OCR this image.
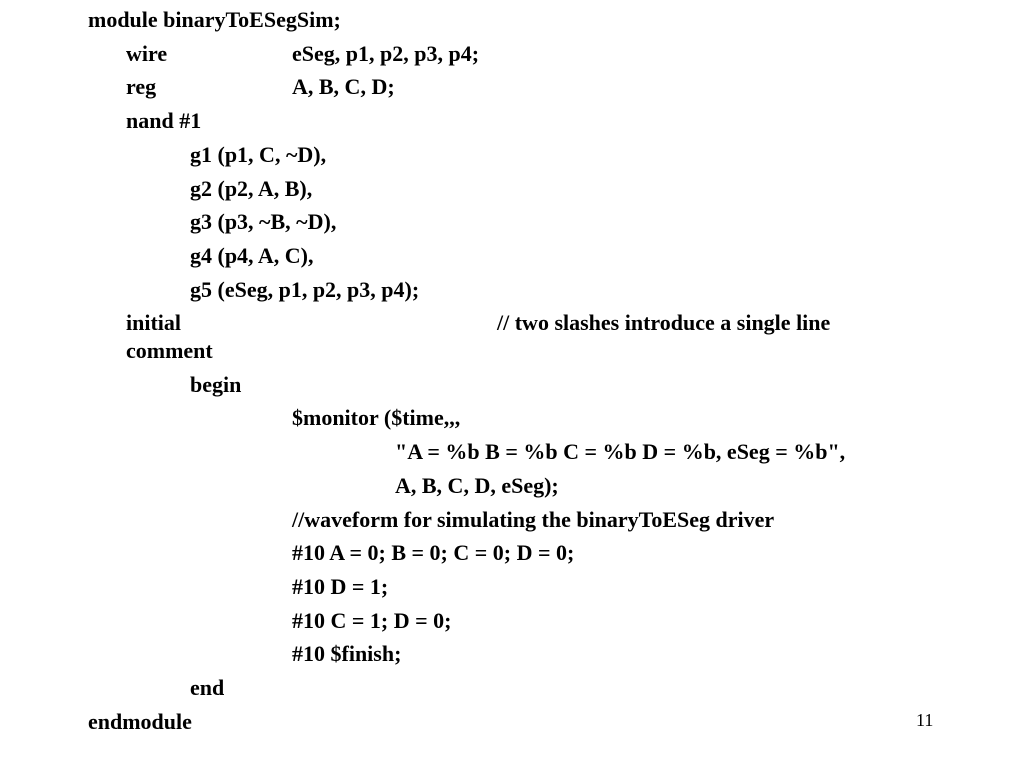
module binaryToESegSim;
wire	eSeg, p1, p2, p3, p4;
reg	A, B, C, D;
nand #1
g1 (p1, C, ~D),
g2 (p2, A, B),
g3 (p3, ~B, ~D),
g4 (p4, A, C),
g5 (eSeg, p1, p2, p3, p4);
initial	// two slashes introduce a single line
comment
begin
$monitor ($time,,,
"A = %b B = %b C = %b D = %b, eSeg = %b",
A, B, C, D, eSeg);
//waveform for simulating the binaryToESeg driver
#10 A = 0; B = 0; C = 0; D = 0;
#10 D = 1;
#10 C = 1; D = 0;
#10 $finish;
end
endmodule	11
